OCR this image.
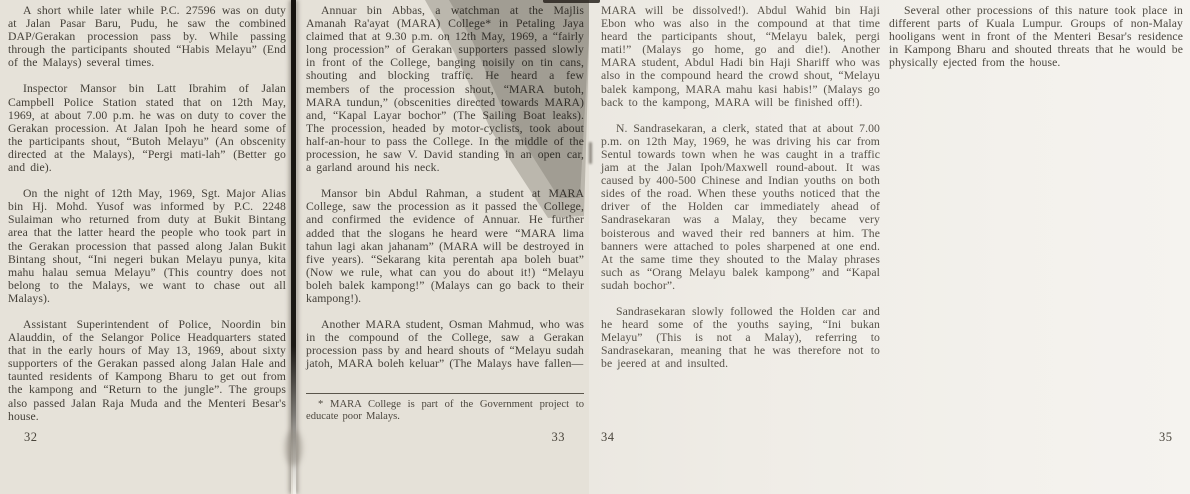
A short while later while P.C. 27596 was on duty at Jalan Pasar Baru, Pudu, he saw the combined DAP/Gerakan procession pass by. While passing through the participants shouted “Habis Melayu” (End of the Malays) several times.

Inspector Mansor bin Latt Ibrahim of Jalan Campbell Police Station stated that on 12th May, 1969, at about 7.00 p.m. he was on duty to cover the Gerakan procession. At Jalan Ipoh he heard some of the participants shout, “Butoh Melayu” (An obscenity directed at the Malays), “Pergi mati-lah” (Better go and die).

On the night of 12th May, 1969, Sgt. Major Alias bin Hj. Mohd. Yusof was informed by P.C. 2248 Sulaiman who returned from duty at Bukit Bintang area that the latter heard the people who took part in the Gerakan procession that passed along Jalan Bukit Bintang shout, “Ini negeri bukan Melayu punya, kita mahu halau semua Melayu” (This country does not belong to the Malays, we want to chase out all Malays).

Assistant Superintendent of Police, Noordin bin Alauddin, of the Selangor Police Headquarters stated that in the early hours of May 13, 1969, about sixty supporters of the Gerakan passed along Jalan Hale and taunted residents of Kampong Bharu to get out from the kampong and “Return to the jungle”. The groups also passed Jalan Raja Muda and the Menteri Besar's house.

32

Annuar bin Abbas, a watchman at the Majlis Amanah Ra'ayat (MARA) College* in Petaling Jaya claimed that at 9.30 p.m. on 12th May, 1969, a “fairly long procession” of Gerakan supporters passed slowly in front of the College, banging noisily on tin cans, shouting and blocking traffic. He heard a few members of the procession shout, “MARA butoh, MARA tundun,” (obscenities directed towards MARA) and, “Kapal Layar bochor” (The Sailing Boat leaks). The procession, headed by motor-cyclists, took about half-an-hour to pass the College. In the middle of the procession, he saw V. David standing in an open car, a garland around his neck.

Mansor bin Abdul Rahman, a student at MARA College, saw the procession as it passed the College, and confirmed the evidence of Annuar. He further added that the slogans he heard were “MARA lima tahun lagi akan jahanam” (MARA will be destroyed in five years). “Sekarang kita perentah apa boleh buat” (Now we rule, what can you do about it!) “Melayu boleh balek kampong!” (Malays can go back to their kampong!).

Another MARA student, Osman Mahmud, who was in the compound of the College, saw a Gerakan procession pass by and heard shouts of “Melayu sudah jatoh, MARA boleh keluar” (The Malays have fallen—

* MARA College is part of the Government project to educate poor Malays.

33

MARA will be dissolved!). Abdul Wahid bin Haji Ebon who was also in the compound at that time heard the participants shout, “Melayu balek, pergi mati!” (Malays go home, go and die!). Another MARA student, Abdul Hadi bin Haji Shariff who was also in the compound heard the crowd shout, “Melayu balek kampong, MARA mahu kasi habis!” (Malays go back to the kampong, MARA will be finished off!).

N. Sandrasekaran, a clerk, stated that at about 7.00 p.m. on 12th May, 1969, he was driving his car from Sentul towards town when he was caught in a traffic jam at the Jalan Ipoh/Maxwell round-about. It was caused by 400-500 Chinese and Indian youths on both sides of the road. When these youths noticed that the driver of the Holden car immediately ahead of Sandrasekaran was a Malay, they became very boisterous and waved their red banners at him. The banners were attached to poles sharpened at one end. At the same time they shouted to the Malay phrases such as “Orang Melayu balek kampong” and “Kapal sudah bochor”.

Sandrasekaran slowly followed the Holden car and he heard some of the youths saying, “Ini bukan Melayu” (This is not a Malay), referring to Sandrasekaran, meaning that he was therefore not to be jeered at and insulted.

34

Several other processions of this nature took place in different parts of Kuala Lumpur. Groups of non-Malay hooligans went in front of the Menteri Besar's residence in Kampong Bharu and shouted threats that he would be physically ejected from the house.

35
